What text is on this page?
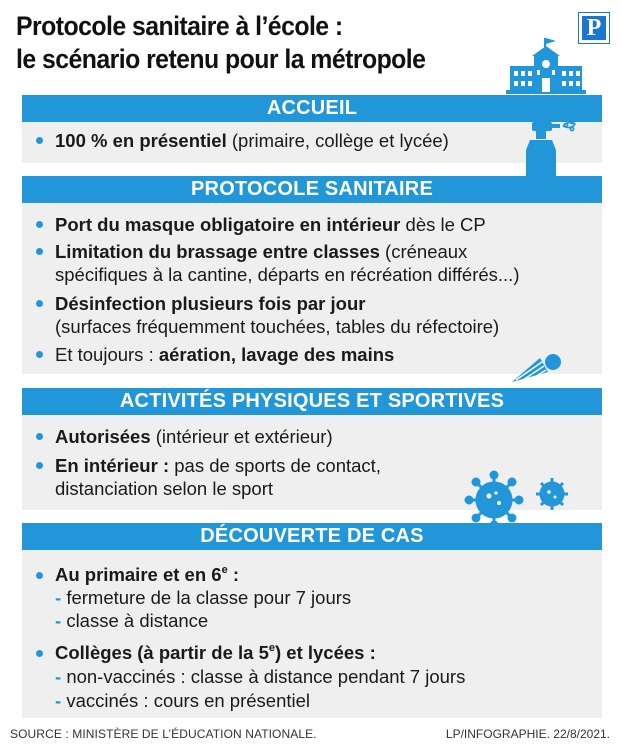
Protocole sanitaire à l’école :
le scénario retenu pour la métropole
P
ACCUEIL
100 % en présentiel (primaire, collège et lycée)
PROTOCOLE SANITAIRE
Port du masque obligatoire en intérieur dès le CP
Limitation du brassage entre classes (créneaux
spécifiques à la cantine, départs en récréation différés...)
Désinfection plusieurs fois par jour
(surfaces fréquemment touchées, tables du réfectoire)
Et toujours : aération, lavage des mains
ACTIVITÉS PHYSIQUES ET SPORTIVES
Autorisées (intérieur et extérieur)
En intérieur : pas de sports de contact,
distanciation selon le sport
DÉCOUVERTE DE CAS
Au primaire et en 6e :
- fermeture de la classe pour 7 jours
- classe à distance
Collèges (à partir de la 5e) et lycées :
- non-vaccinés : classe à distance pendant 7 jours
- vaccinés : cours en présentiel
SOURCE : MINISTÈRE DE L’ÉDUCATION NATIONALE.	LP/INFOGRAPHIE. 22/8/2021.
